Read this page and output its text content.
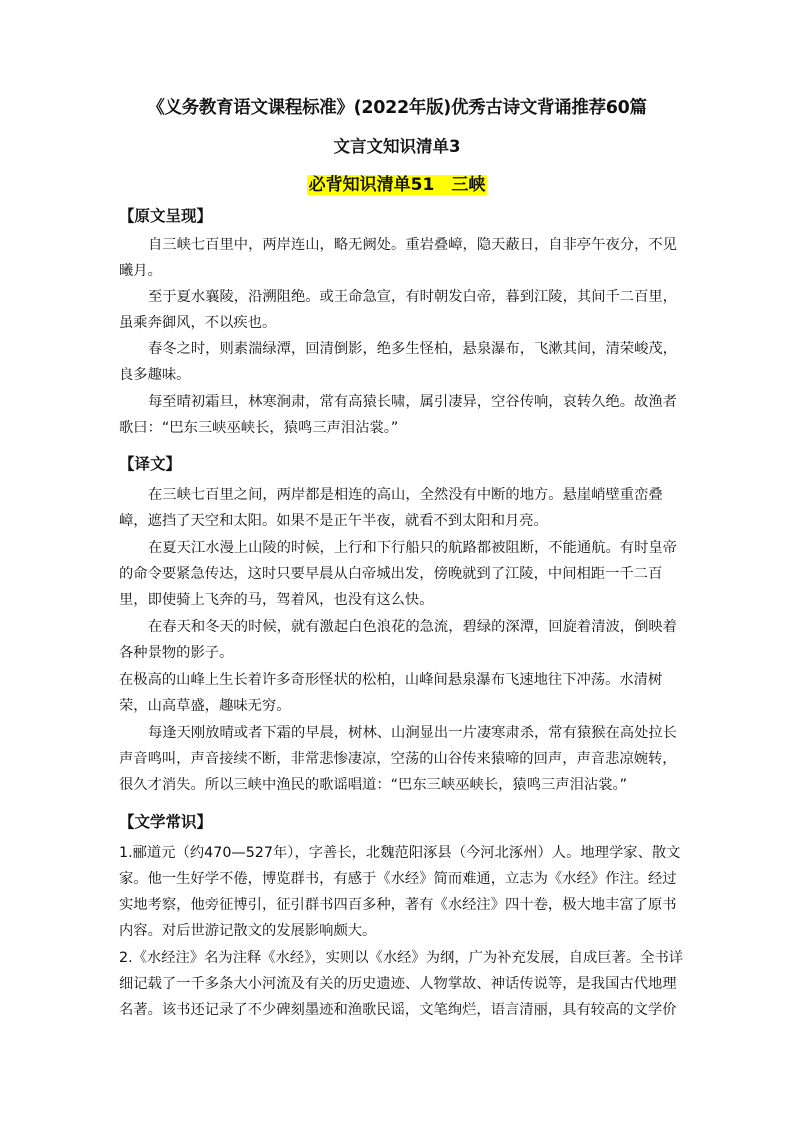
《义务教育语文课程标准》(2022年版)优秀古诗文背诵推荐60篇
文言文知识清单3
必背知识清单51　三峡
【原文呈现】

自三峡七百里中，两岸连山，略无阙处。重岩叠嶂，隐天蔽日，自非亭午夜分，不见曦月。

至于夏水襄陵，沿溯阻绝。或王命急宣，有时朝发白帝，暮到江陵，其间千二百里，虽乘奔御风，不以疾也。

春冬之时，则素湍绿潭，回清倒影，绝多生怪柏，悬泉瀑布，飞漱其间，清荣峻茂，良多趣味。

每至晴初霜旦，林寒涧肃，常有高猿长啸，属引凄异，空谷传响，哀转久绝。故渔者歌曰：“巴东三峡巫峡长，猿鸣三声泪沾裳。”

【译文】

在三峡七百里之间，两岸都是相连的高山，全然没有中断的地方。悬崖峭壁重峦叠嶂，遮挡了天空和太阳。如果不是正午半夜，就看不到太阳和月亮。

在夏天江水漫上山陵的时候，上行和下行船只的航路都被阻断，不能通航。有时皇帝的命令要紧急传达，这时只要早晨从白帝城出发，傍晚就到了江陵，中间相距一千二百里，即使骑上飞奔的马，驾着风，也没有这么快。

在春天和冬天的时候，就有激起白色浪花的急流，碧绿的深潭，回旋着清波，倒映着各种景物的影子。

在极高的山峰上生长着许多奇形怪状的松柏，山峰间悬泉瀑布飞速地往下冲荡。水清树荣，山高草盛，趣味无穷。

每逢天刚放晴或者下霜的早晨，树林、山涧显出一片凄寒肃杀，常有猿猴在高处拉长声音鸣叫，声音接续不断，非常悲惨凄凉，空荡的山谷传来猿啼的回声，声音悲凉婉转，很久才消失。所以三峡中渔民的歌谣唱道：“巴东三峡巫峡长，猿鸣三声泪沾裳。”

【文学常识】

1.郦道元（约470—527年），字善长，北魏范阳涿县（今河北涿州）人。地理学家、散文家。他一生好学不倦，博览群书，有感于《水经》简而难通，立志为《水经》作注。经过实地考察，他旁征博引，征引群书四百多种，著有《水经注》四十卷，极大地丰富了原书内容。对后世游记散文的发展影响颇大。

2.《水经注》名为注释《水经》，实则以《水经》为纲，广为补充发展，自成巨著。全书详细记载了一千多条大小河流及有关的历史遗迹、人物掌故、神话传说等，是我国古代地理名著。该书还记录了不少碑刻墨迹和渔歌民谣，文笔绚烂，语言清丽，具有较高的文学价
